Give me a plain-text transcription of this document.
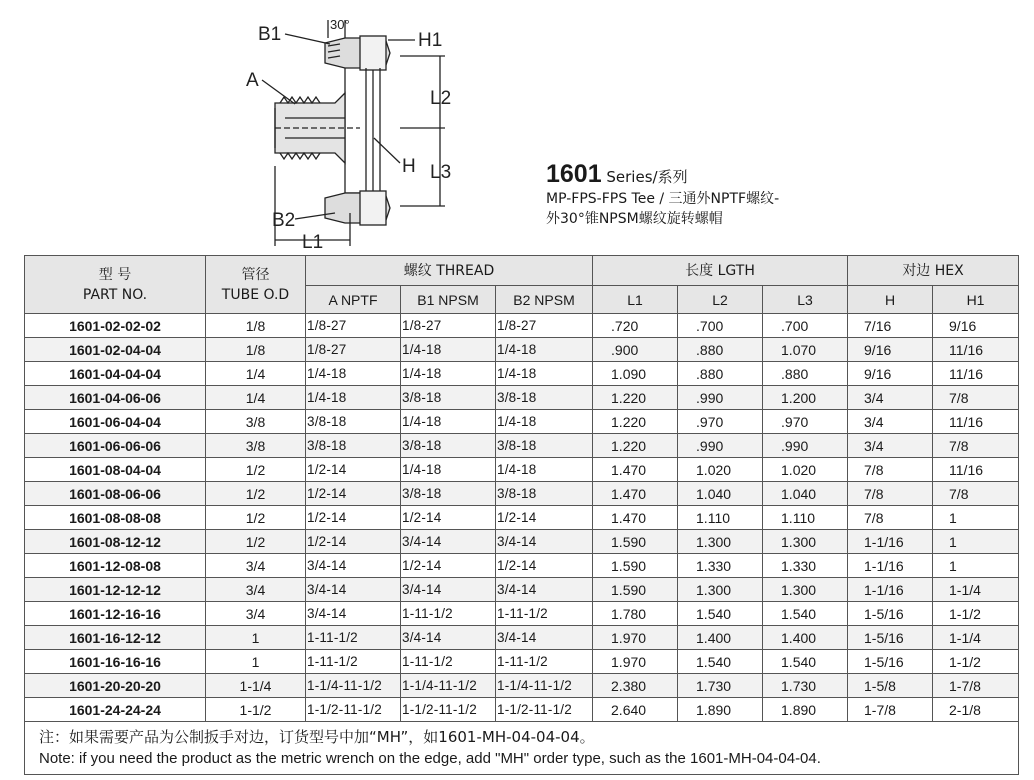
B1	30°
H1
A
L2
H L3
B2
L1
1601 Series/系列
MP-FPS-FPS Tee / 三通外NPTF螺纹-
外30°锥NPSM螺纹旋转螺帽
型 号
PART NO.	管径
TUBE O.D	螺纹 THREAD			长度 LGTH			对边 HEX	
		A NPTF	B1 NPSM	B2 NPSM	L1	L2	L3	H	H1
1601-02-02-02	1/8	1/8-27	1/8-27	1/8-27	.720	.700	.700	7/16	9/16
1601-02-04-04	1/8	1/8-27	1/4-18	1/4-18	.900	.880	1.070	9/16	11/16
1601-04-04-04	1/4	1/4-18	1/4-18	1/4-18	1.090	.880	.880	9/16	11/16
1601-04-06-06	1/4	1/4-18	3/8-18	3/8-18	1.220	.990	1.200	3/4	7/8
1601-06-04-04	3/8	3/8-18	1/4-18	1/4-18	1.220	.970	.970	3/4	11/16
1601-06-06-06	3/8	3/8-18	3/8-18	3/8-18	1.220	.990	.990	3/4	7/8
1601-08-04-04	1/2	1/2-14	1/4-18	1/4-18	1.470	1.020	1.020	7/8	11/16
1601-08-06-06	1/2	1/2-14	3/8-18	3/8-18	1.470	1.040	1.040	7/8	7/8
1601-08-08-08	1/2	1/2-14	1/2-14	1/2-14	1.470	1.110	1.110	7/8	1
1601-08-12-12	1/2	1/2-14	3/4-14	3/4-14	1.590	1.300	1.300	1-1/16	1
1601-12-08-08	3/4	3/4-14	1/2-14	1/2-14	1.590	1.330	1.330	1-1/16	1
1601-12-12-12	3/4	3/4-14	3/4-14	3/4-14	1.590	1.300	1.300	1-1/16	1-1/4
1601-12-16-16	3/4	3/4-14	1-11-1/2	1-11-1/2	1.780	1.540	1.540	1-5/16	1-1/2
1601-16-12-12	1	1-11-1/2	3/4-14	3/4-14	1.970	1.400	1.400	1-5/16	1-1/4
1601-16-16-16	1	1-11-1/2	1-11-1/2	1-11-1/2	1.970	1.540	1.540	1-5/16	1-1/2
1601-20-20-20	1-1/4	1-1/4-11-1/2	1-1/4-11-1/2	1-1/4-11-1/2	2.380	1.730	1.730	1-5/8	1-7/8
1601-24-24-24	1-1/2	1-1/2-11-1/2	1-1/2-11-1/2	1-1/2-11-1/2	2.640	1.890	1.890	1-7/8	2-1/8

注：如果需要产品为公制扳手对边，订货型号中加“MH”，如1601-MH-04-04-04。
Note: if you need the product as the metric wrench on the edge, add "MH" order type, such as the 1601-MH-04-04-04.									
